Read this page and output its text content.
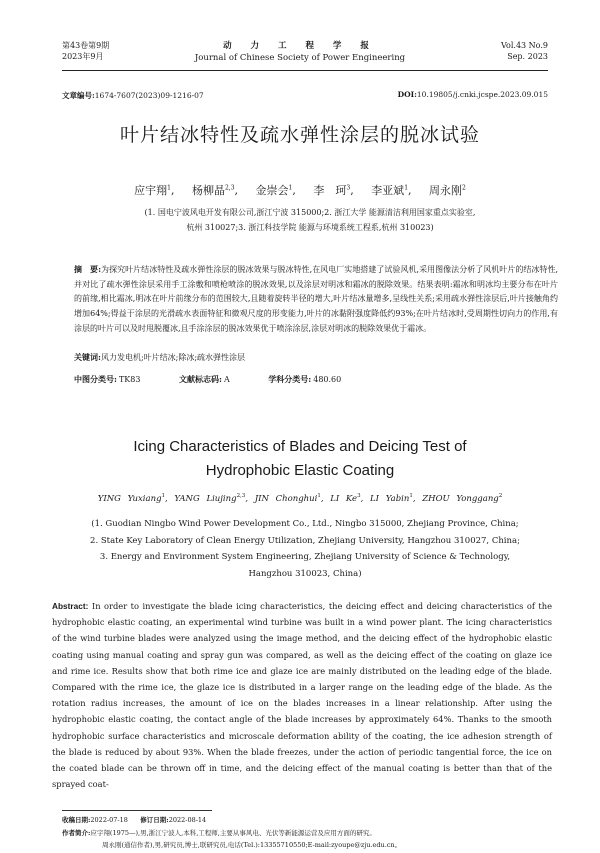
第43卷第9期
2023年9月
动 力 工 程 学 报
Journal of Chinese Society of Power Engineering
Vol.43 No.9
Sep. 2023
文章编号:1674-7607(2023)09-1216-07	DOI:10.19805/j.cnki.jcspe.2023.09.015
叶片结冰特性及疏水弹性涂层的脱冰试验
应宇翔$^1$, 杨柳晶$^{2,3}$, 金崇会$^1$, 李　珂$^3$, 李亚斌$^1$, 周永刚$^2$
(1. 国电宁波风电开发有限公司,浙江宁波 315000;2. 浙江大学 能源清洁利用国家重点实验室,
杭州 310027;3. 浙江科技学院 能源与环境系统工程系,杭州 310023)
摘　要:为探究叶片结冰特性及疏水弹性涂层的脱冰效果与脱冰特性,在风电厂实地搭建了试验风机,采用图像法分析了风机叶片的结冰特性,并对比了疏水弹性涂层采用手工涂敷和喷枪喷涂的脱冰效果,以及涂层对明冰和霜冰的脱除效果。结果表明:霜冰和明冰均主要分布在叶片的前缘,相比霜冰,明冰在叶片前缘分布的范围较大,且随着旋转半径的增大,叶片结冰量增多,呈线性关系;采用疏水弹性涂层后,叶片接触角约增加64%;得益于涂层的光滑疏水表面特征和微观尺度的形变能力,叶片的冰黏附强度降低约93%;在叶片结冰时,受周期性切向力的作用,有涂层的叶片可以及时甩脱覆冰,且手涂涂层的脱冰效果优于喷涂涂层,涂层对明冰的脱除效果优于霜冰。
关键词:风力发电机;叶片结冰;除冰;疏水弹性涂层
中图分类号: TK83	文献标志码: A	学科分类号: 480.60
Icing Characteristics of Blades and Deicing Test of
Hydrophobic Elastic Coating
YING Yuxiang$^1$, YANG Liujing$^{2,3}$, JIN Chonghui$^1$, LI Ke$^3$, LI Yabin$^1$, ZHOU Yonggang$^2$
(1. Guodian Ningbo Wind Power Development Co., Ltd., Ningbo 315000, Zhejiang Province, China;
2. State Key Laboratory of Clean Energy Utilization, Zhejiang University, Hangzhou 310027, China;
3. Energy and Environment System Engineering, Zhejiang University of Science & Technology,
Hangzhou 310023, China)
Abstract: In order to investigate the blade icing characteristics, the deicing effect and deicing characteristics of the hydrophobic elastic coating, an experimental wind turbine was built in a wind power plant. The icing characteristics of the wind turbine blades were analyzed using the image method, and the deicing effect of the hydrophobic elastic coating using manual coating and spray gun was compared, as well as the deicing effect of the coating on glaze ice and rime ice. Results show that both rime ice and glaze ice are mainly distributed on the leading edge of the blade. Compared with the rime ice, the glaze ice is distributed in a larger range on the leading edge of the blade. As the rotation radius increases, the amount of ice on the blades increases in a linear relationship. After using the hydrophobic elastic coating, the contact angle of the blade increases by approximately 64%. Thanks to the smooth hydrophobic surface characteristics and microscale deformation ability of the coating, the ice adhesion strength of the blade is reduced by about 93%. When the blade freezes, under the action of periodic tangential force, the ice on the coated blade can be thrown off in time, and the deicing effect of the manual coating is better than that of the sprayed coat-
收稿日期:2022-07-18 修订日期:2022-08-14
作者简介:应宇翔(1975—),男,浙江宁波人,本科,工程师,主要从事风电、光伏等新能源运营及应用方面的研究。
周永刚(通信作者),男,研究员,博士,联研究员,电话(Tel.):13355710550;E-mail:zyoupe@zju.edu.cn。
